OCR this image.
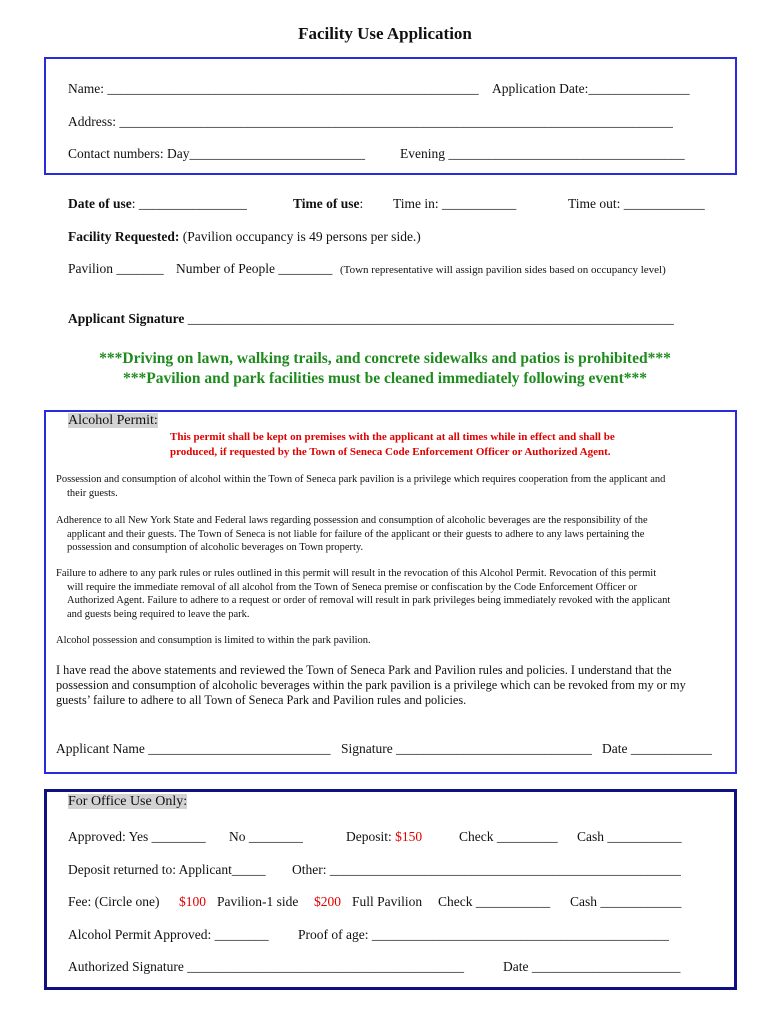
Facility Use Application
Name: _______________________________________________________ Application Date:_______________
Address: __________________________________________________________________________________
Contact numbers: Day__________________________	Evening ___________________________________
Date of use: ________________	Time of use: Time in: ___________	Time out: ____________
Facility Requested: (Pavilion occupancy is 49 persons per side.)
Pavilion _______ Number of People ________ (Town representative will assign pavilion sides based on occupancy level)
Applicant Signature ________________________________________________________________________
***Driving on lawn, walking trails, and concrete sidewalks and patios is prohibited***
***Pavilion and park facilities must be cleaned immediately following event***
Alcohol Permit:
This permit shall be kept on premises with the applicant at all times while in effect and shall be
produced, if requested by the Town of Seneca Code Enforcement Officer or Authorized Agent.
Possession and consumption of alcohol within the Town of Seneca park pavilion is a privilege which requires cooperation from the applicant and
their guests.
Adherence to all New York State and Federal laws regarding possession and consumption of alcoholic beverages are the responsibility of the
applicant and their guests. The Town of Seneca is not liable for failure of the applicant or their guests to adhere to any laws pertaining the
possession and consumption of alcoholic beverages on Town property.
Failure to adhere to any park rules or rules outlined in this permit will result in the revocation of this Alcohol Permit. Revocation of this permit
will require the immediate removal of all alcohol from the Town of Seneca premise or confiscation by the Code Enforcement Officer or
Authorized Agent. Failure to adhere to a request or order of removal will result in park privileges being immediately revoked with the applicant
and guests being required to leave the park.
Alcohol possession and consumption is limited to within the park pavilion.
I have read the above statements and reviewed the Town of Seneca Park and Pavilion rules and policies. I understand that the
possession and consumption of alcoholic beverages within the park pavilion is a privilege which can be revoked from my or my
guests’ failure to adhere to all Town of Seneca Park and Pavilion rules and policies.
Applicant Name ___________________________ Signature _____________________________ Date ____________
For Office Use Only:
Approved: Yes ________ No ________	Deposit: $150	Check _________ Cash ___________
Deposit returned to: Applicant_____ Other: ____________________________________________________
Fee: (Circle one) $100 Pavilion-1 side $200 Full Pavilion Check ___________ Cash ____________
Alcohol Permit Approved: ________ Proof of age: ____________________________________________
Authorized Signature _________________________________________	Date ______________________
